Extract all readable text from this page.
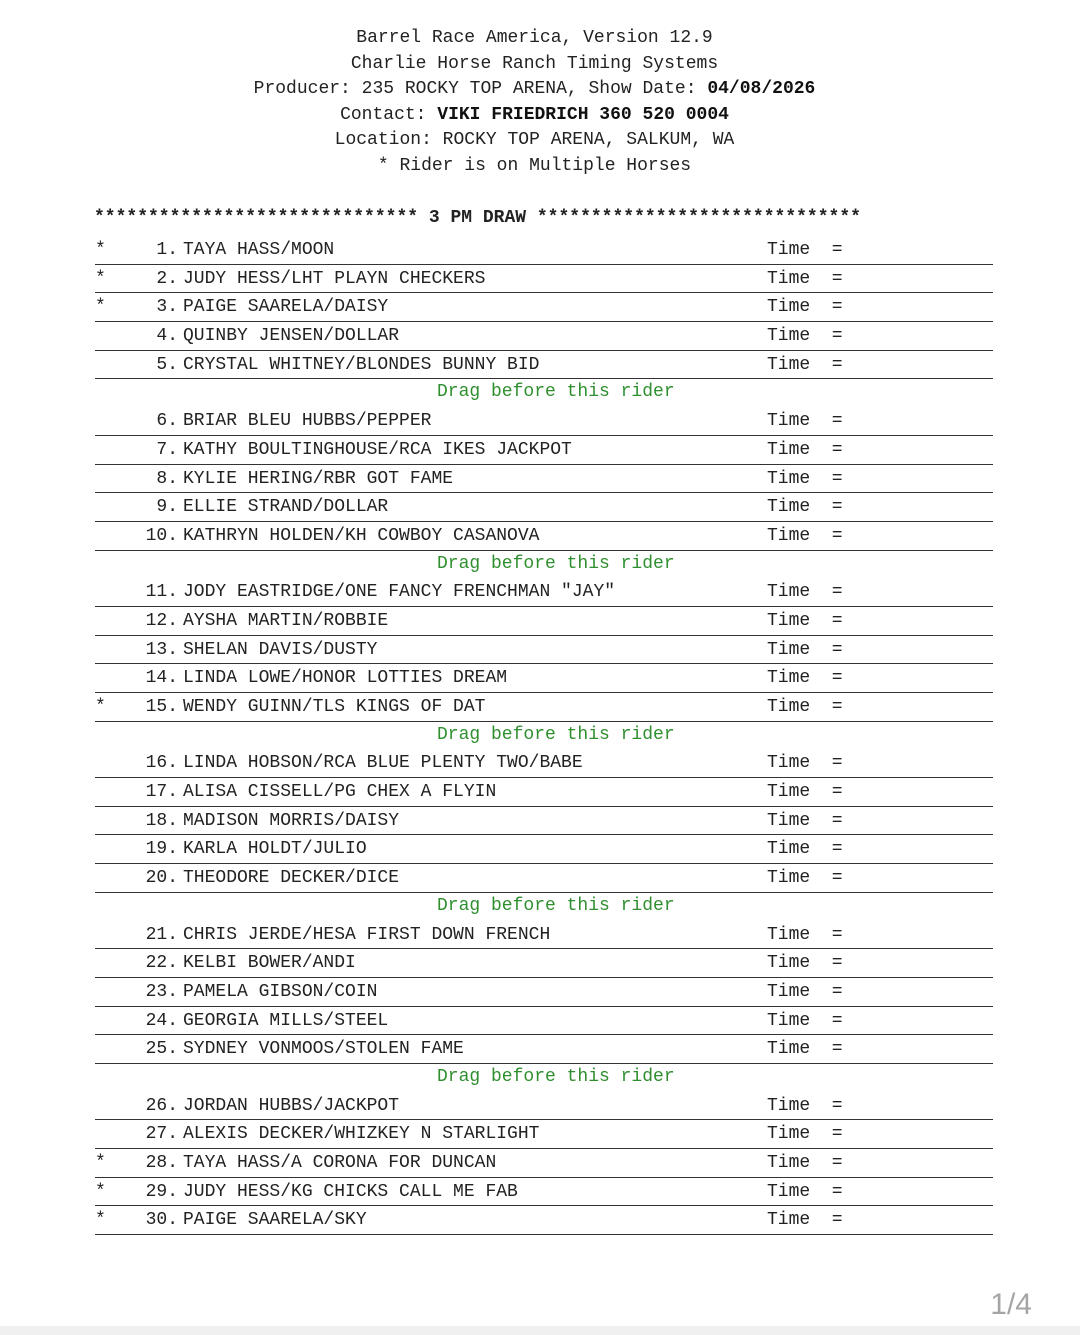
Barrel Race America, Version 12.9
Charlie Horse Ranch Timing Systems
Producer: 235 ROCKY TOP ARENA, Show Date: 04/08/2026
Contact: VIKI FRIEDRICH 360 520 0004
Location: ROCKY TOP ARENA, SALKUM, WA
* Rider is on Multiple Horses
****************************** 3 PM DRAW ******************************
*	1. TAYA HASS/MOON	Time  =
*	2. JUDY HESS/LHT PLAYN CHECKERS	Time  =
*	3. PAIGE SAARELA/DAISY	Time  =
4. QUINBY JENSEN/DOLLAR	Time  =
5. CRYSTAL WHITNEY/BLONDES BUNNY BID	Time  =
Drag before this rider
6. BRIAR BLEU HUBBS/PEPPER	Time  =
7. KATHY BOULTINGHOUSE/RCA IKES JACKPOT	Time  =
8. KYLIE HERING/RBR GOT FAME	Time  =
9. ELLIE STRAND/DOLLAR	Time  =
10. KATHRYN HOLDEN/KH COWBOY CASANOVA	Time  =
Drag before this rider
11. JODY EASTRIDGE/ONE FANCY FRENCHMAN "JAY"	Time  =
12. AYSHA MARTIN/ROBBIE	Time  =
13. SHELAN DAVIS/DUSTY	Time  =
14. LINDA LOWE/HONOR LOTTIES DREAM	Time  =
*	15. WENDY GUINN/TLS KINGS OF DAT	Time  =
Drag before this rider
16. LINDA HOBSON/RCA BLUE PLENTY TWO/BABE	Time  =
17. ALISA CISSELL/PG CHEX A FLYIN	Time  =
18. MADISON MORRIS/DAISY	Time  =
19. KARLA HOLDT/JULIO	Time  =
20. THEODORE DECKER/DICE	Time  =
Drag before this rider
21. CHRIS JERDE/HESA FIRST DOWN FRENCH	Time  =
22. KELBI BOWER/ANDI	Time  =
23. PAMELA GIBSON/COIN	Time  =
24. GEORGIA MILLS/STEEL	Time  =
25. SYDNEY VONMOOS/STOLEN FAME	Time  =
Drag before this rider
26. JORDAN HUBBS/JACKPOT	Time  =
27. ALEXIS DECKER/WHIZKEY N STARLIGHT	Time  =
*	28. TAYA HASS/A CORONA FOR DUNCAN	Time  =
*	29. JUDY HESS/KG CHICKS CALL ME FAB	Time  =
*	30. PAIGE SAARELA/SKY	Time  =
1/4
